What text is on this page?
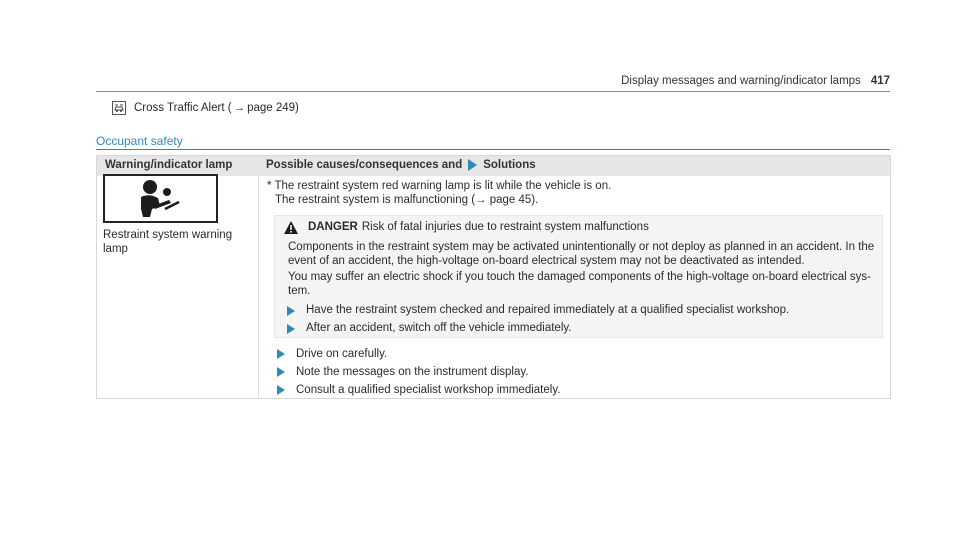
Display messages and warning/indicator lamps 417
Cross Traffic Alert ( → page 249)
Occupant safety
Warning/indicator lamp	Possible causes/consequences and Solutions
Restraint system warning
lamp
* The restraint system red warning lamp is lit while the vehicle is on.
The restraint system is malfunctioning (→ page 45).
DANGER Risk of fatal injuries due to restraint system malfunctions
Components in the restraint system may be activated unintentionally or not deploy as planned in an accident. In the event of an accident, the high-voltage on-board electrical system may not be deactivated as intended.
You may suffer an electric shock if you touch the damaged components of the high-voltage on-board electrical system.
Have the restraint system checked and repaired immediately at a qualified specialist workshop.
After an accident, switch off the vehicle immediately.
Drive on carefully.
Note the messages on the instrument display.
Consult a qualified specialist workshop immediately.
